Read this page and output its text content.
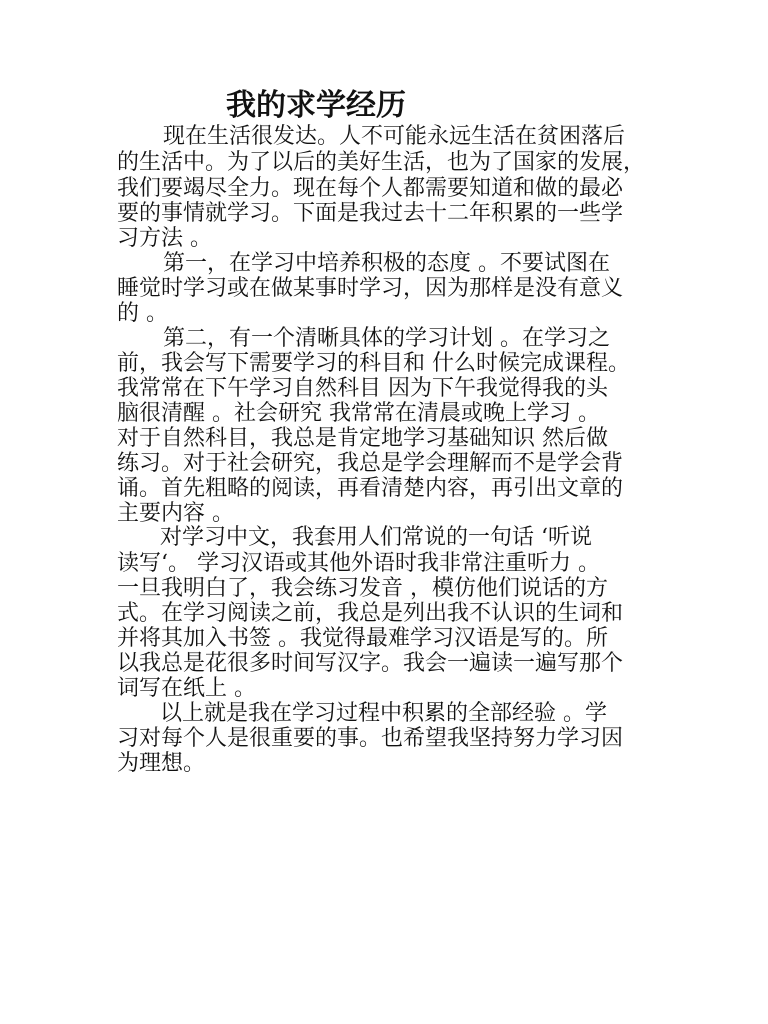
我的求学经历

现在生活很发达。人不可能永远生活在贫困落后

的生活中。为了以后的美好生活，也为了国家的发展，

我们要竭尽全力。现在每个人都需要知道和做的最必

要的事情就学习。下面是我过去十二年积累的一些学

习方法 。

第一，在学习中培养积极的态度 。不要试图在

睡觉时学习或在做某事时学习，因为那样是没有意义

的 。

第二，有一个清晰具体的学习计划 。在学习之

前，我会写下需要学习的科目和 什么时候完成课程。

我常常在下午学习自然科目 因为下午我觉得我的头

脑很清醒 。社会研究 我常常在清晨或晚上学习 。

对于自然科目，我总是肯定地学习基础知识 然后做

练习。对于社会研究，我总是学会理解而不是学会背

诵。首先粗略的阅读，再看清楚内容，再引出文章的

主要内容 。

对学习中文，我套用人们常说的一句话 ‘听说

读写‘。 学习汉语或其他外语时我非常注重听力 。

一旦我明白了，我会练习发音 ，模仿他们说话的方

式。在学习阅读之前，我总是列出我不认识的生词和

并将其加入书签 。我觉得最难学习汉语是写的。所

以我总是花很多时间写汉字。我会一遍读一遍写那个

词写在纸上 。

以上就是我在学习过程中积累的全部经验 。学

习对每个人是很重要的事。也希望我坚持努力学习因

为理想。
